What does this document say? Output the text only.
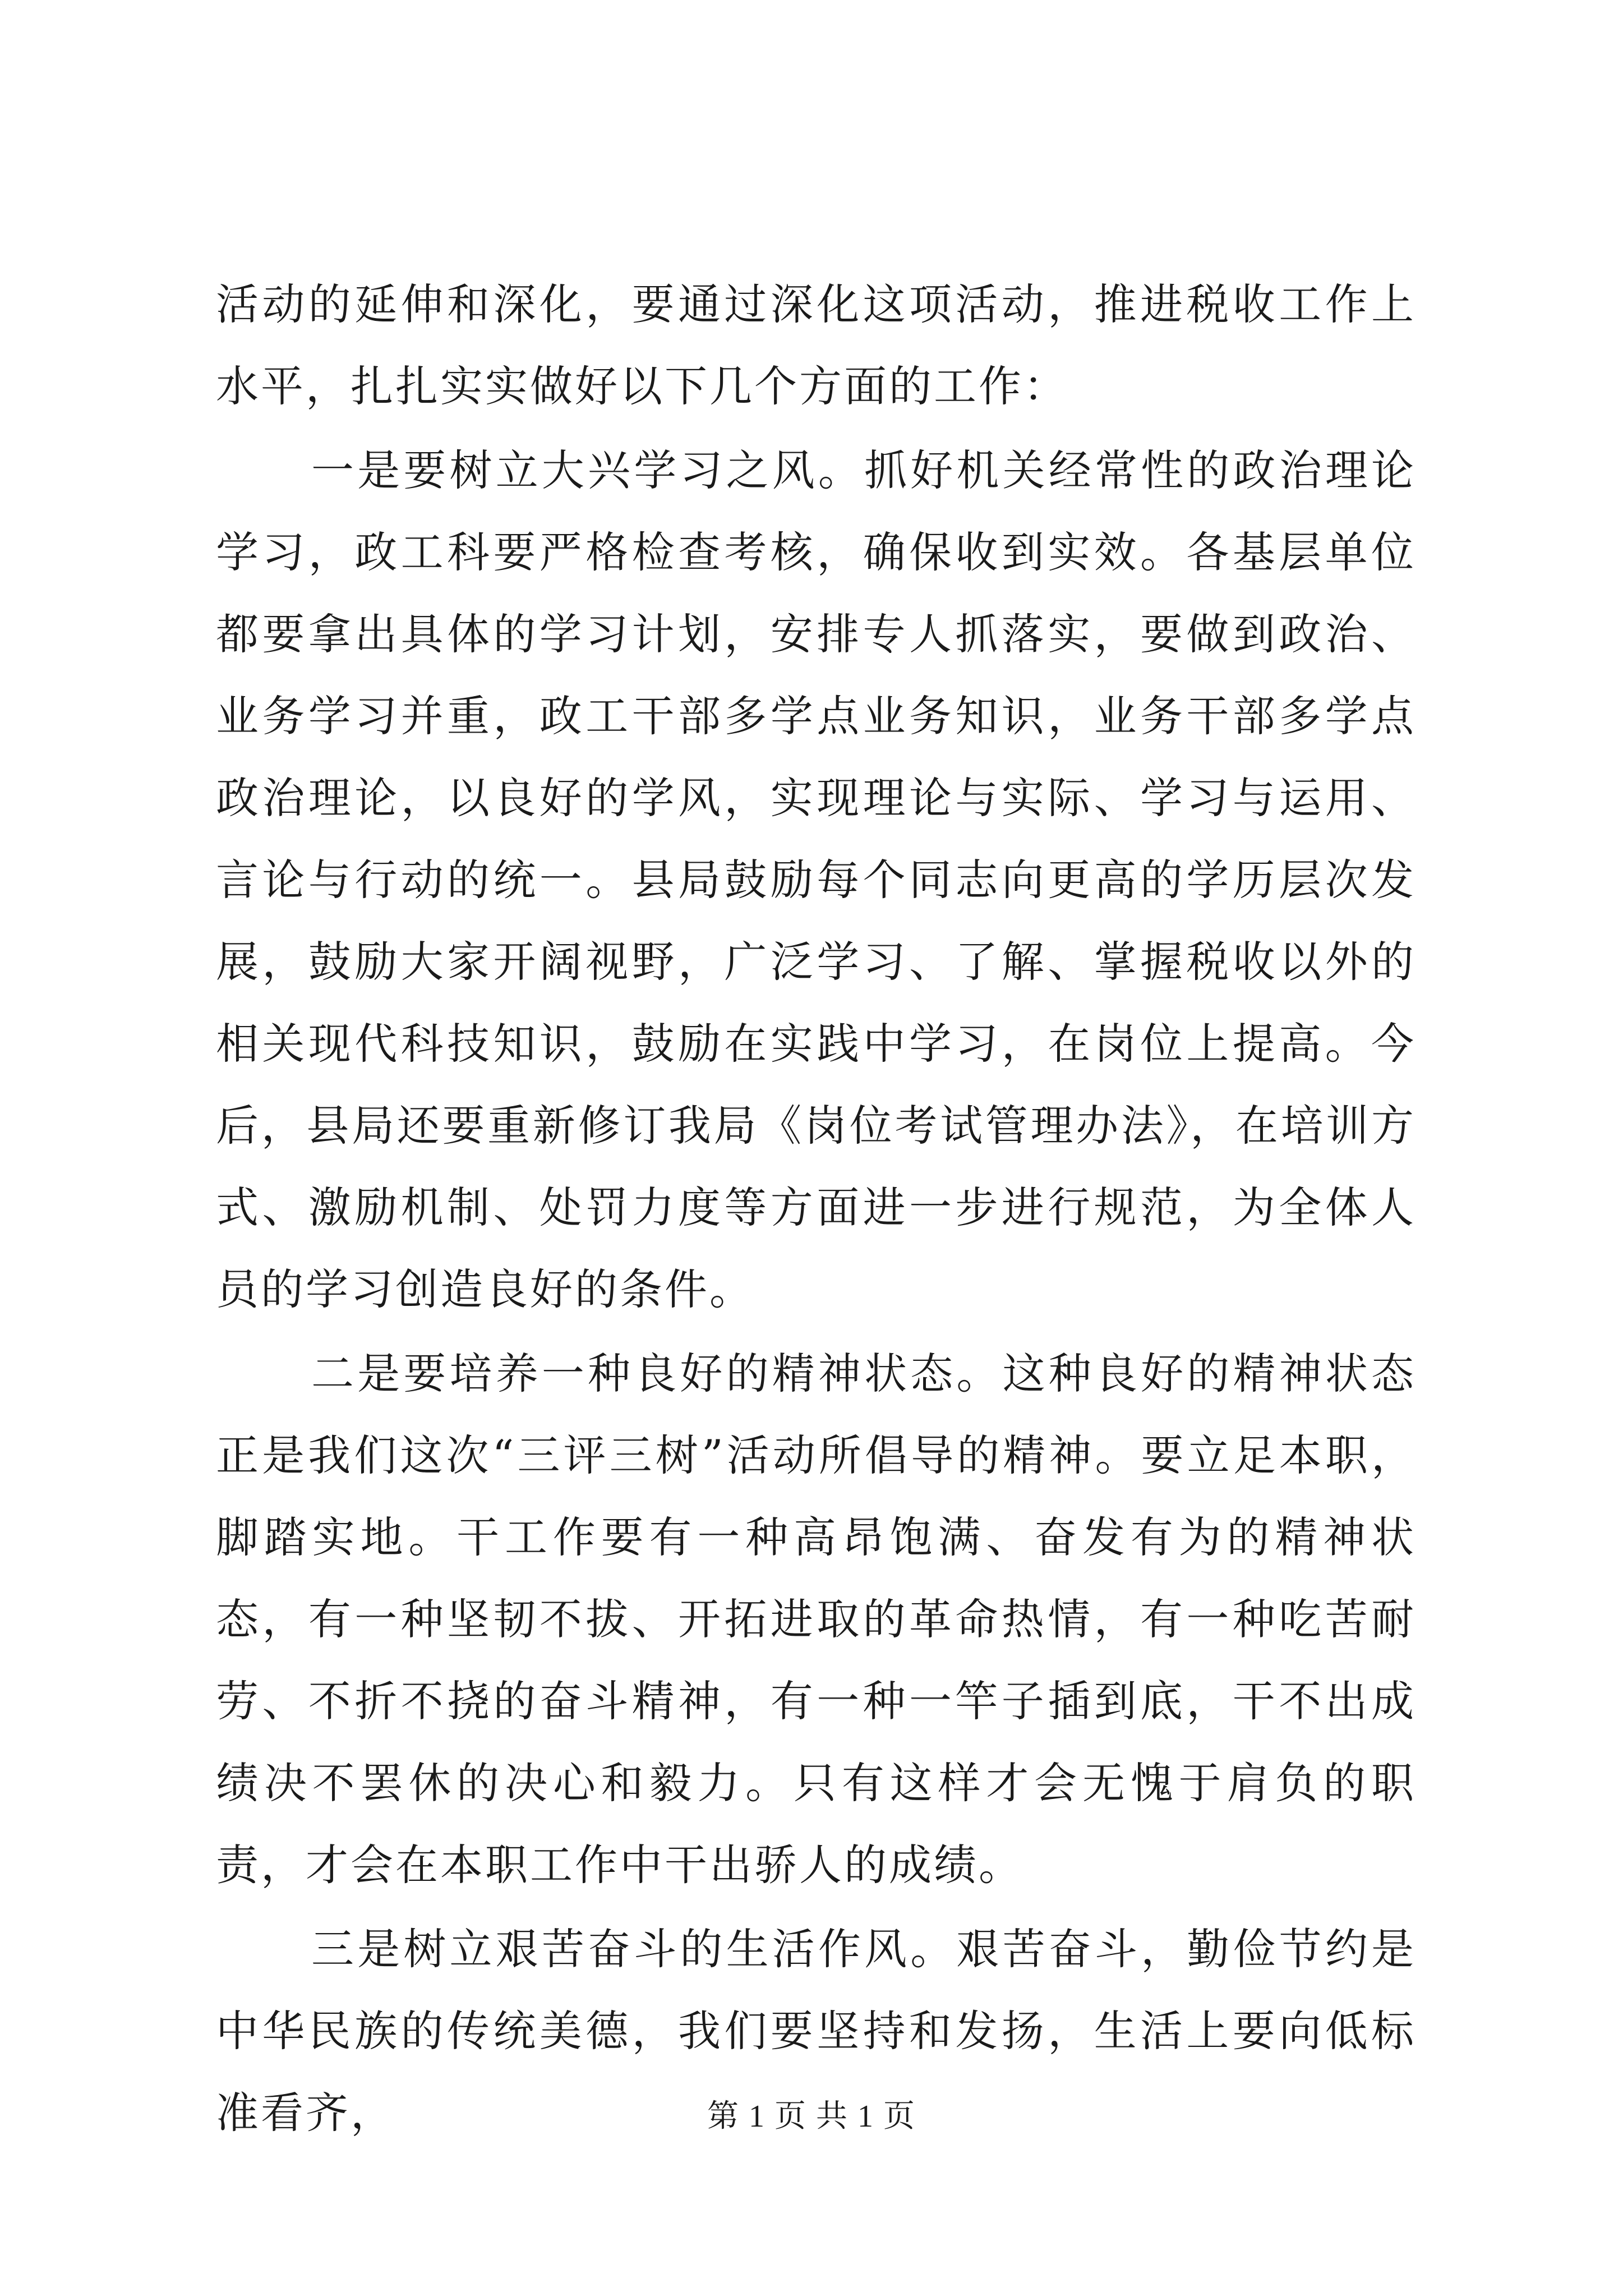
活动的延伸和深化，要通过深化这项活动，推进税收工作上水平，扎扎实实做好以下几个方面的工作：

一是要树立大兴学习之风。抓好机关经常性的政治理论学习，政工科要严格检查考核，确保收到实效。各基层单位都要拿出具体的学习计划，安排专人抓落实，要做到政治、业务学习并重，政工干部多学点业务知识，业务干部多学点政治理论，以良好的学风，实现理论与实际、学习与运用、言论与行动的统一。县局鼓励每个同志向更高的学历层次发展，鼓励大家开阔视野，广泛学习、了解、掌握税收以外的相关现代科技知识，鼓励在实践中学习，在岗位上提高。今后，县局还要重新修订我局《岗位考试管理办法》，在培训方式、激励机制、处罚力度等方面进一步进行规范，为全体人员的学习创造良好的条件。

二是要培养一种良好的精神状态。这种良好的精神状态正是我们这次“三评三树”活动所倡导的精神。要立足本职，脚踏实地。干工作要有一种高昂饱满、奋发有为的精神状态，有一种坚韧不拔、开拓进取的革命热情，有一种吃苦耐劳、不折不挠的奋斗精神，有一种一竿子插到底，干不出成绩决不罢休的决心和毅力。只有这样才会无愧于肩负的职责，才会在本职工作中干出骄人的成绩。

三是树立艰苦奋斗的生活作风。艰苦奋斗，勤俭节约是中华民族的传统美德，我们要坚持和发扬，生活上要向低标准看齐，	第 1 页 共 1 页
